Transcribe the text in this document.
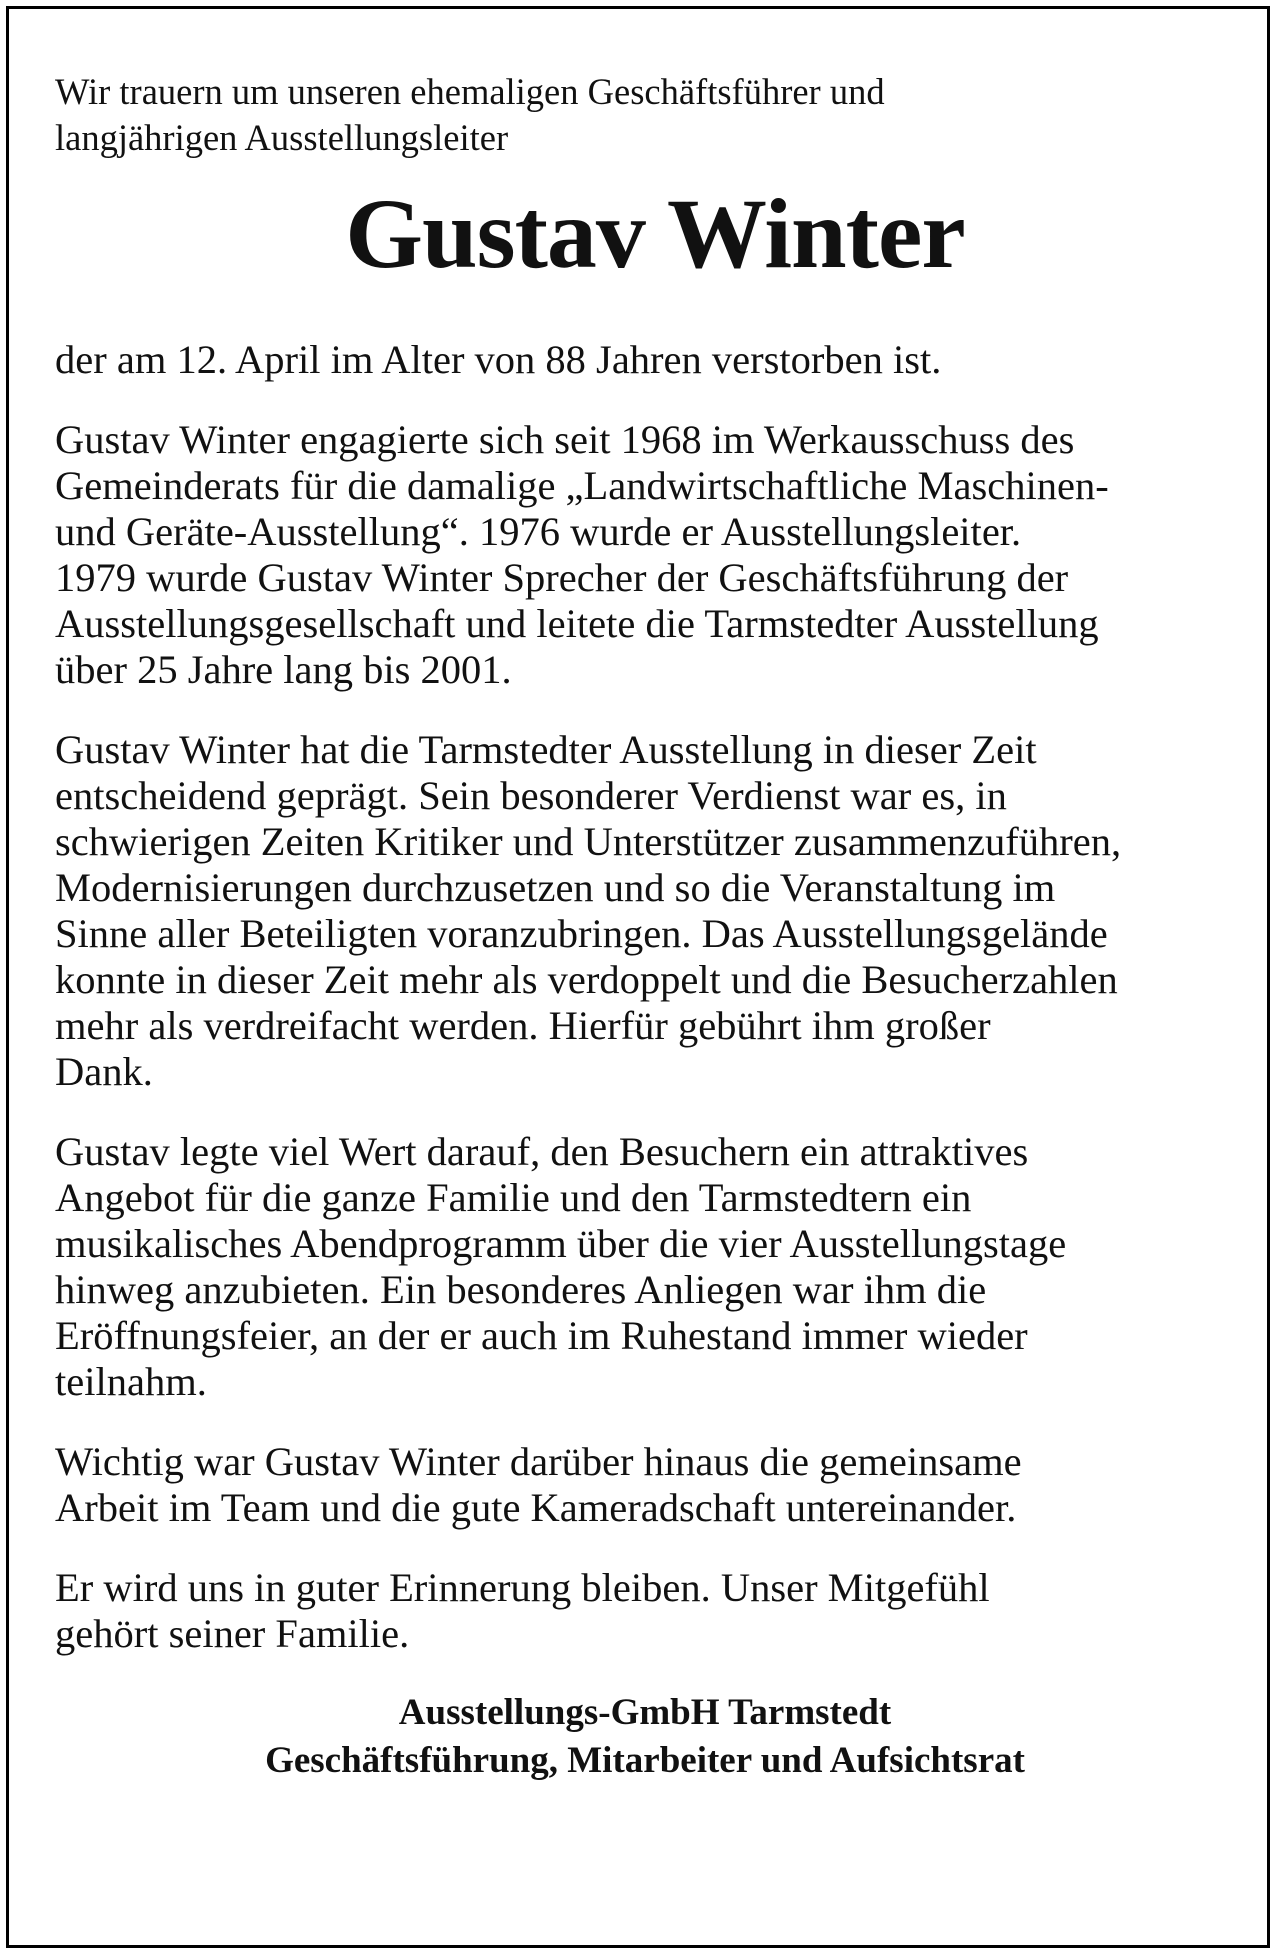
Wir trauern um unseren ehemaligen Geschäftsführer und
langjährigen Ausstellungsleiter
Gustav Winter
der am 12. April im Alter von 88 Jahren verstorben ist.
Gustav Winter engagierte sich seit 1968 im Werkausschuss des
Gemeinderats für die damalige „Landwirtschaftliche Maschinen-
und Geräte-Ausstellung“. 1976 wurde er Ausstellungsleiter.
1979 wurde Gustav Winter Sprecher der Geschäftsführung der
Ausstellungsgesellschaft und leitete die Tarmstedter Ausstellung
über 25 Jahre lang bis 2001.
Gustav Winter hat die Tarmstedter Ausstellung in dieser Zeit
entscheidend geprägt. Sein besonderer Verdienst war es, in
schwierigen Zeiten Kritiker und Unterstützer zusammenzuführen,
Modernisierungen durchzusetzen und so die Veranstaltung im
Sinne aller Beteiligten voranzubringen. Das Ausstellungsgelände
konnte in dieser Zeit mehr als verdoppelt und die Besucherzahlen
mehr als verdreifacht werden. Hierfür gebührt ihm großer
Dank.
Gustav legte viel Wert darauf, den Besuchern ein attraktives
Angebot für die ganze Familie und den Tarmstedtern ein
musikalisches Abendprogramm über die vier Ausstellungstage
hinweg anzubieten. Ein besonderes Anliegen war ihm die
Eröffnungsfeier, an der er auch im Ruhestand immer wieder
teilnahm.
Wichtig war Gustav Winter darüber hinaus die gemeinsame
Arbeit im Team und die gute Kameradschaft untereinander.
Er wird uns in guter Erinnerung bleiben. Unser Mitgefühl
gehört seiner Familie.
Ausstellungs-GmbH Tarmstedt
Geschäftsführung, Mitarbeiter und Aufsichtsrat
